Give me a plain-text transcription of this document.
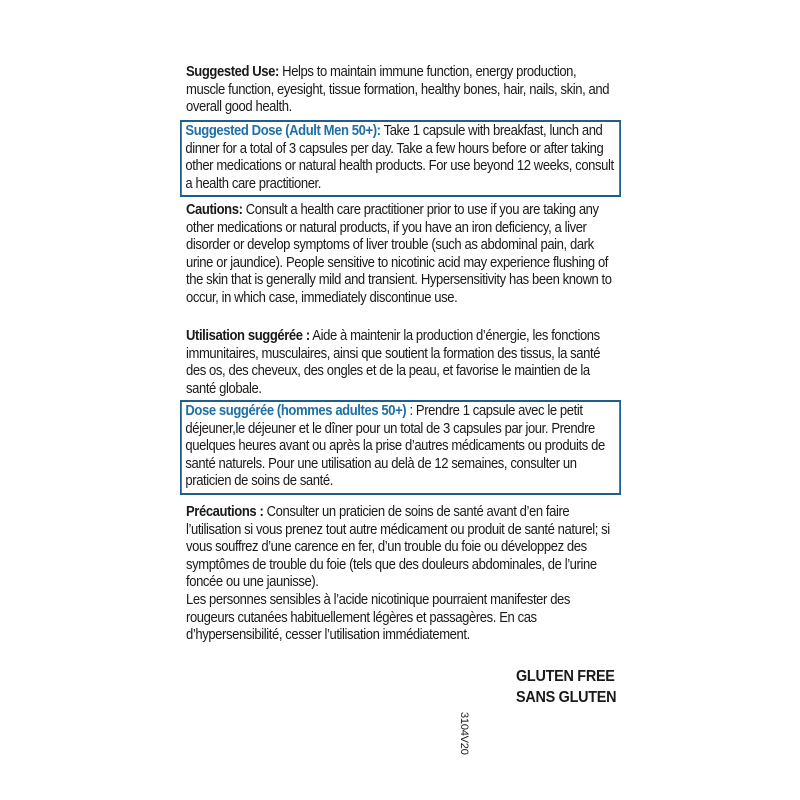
Suggested Use: Helps to maintain immune function, energy production, muscle function, eyesight, tissue formation, healthy bones, hair, nails, skin, and overall good health.
Suggested Dose (Adult Men 50+): Take 1 capsule with breakfast, lunch and dinner for a total of 3 capsules per day. Take a few hours before or after taking other medications or natural health products. For use beyond 12 weeks, consult a health care practitioner.
Cautions: Consult a health care practitioner prior to use if you are taking any other medications or natural products, if you have an iron deficiency, a liver disorder or develop symptoms of liver trouble (such as abdominal pain, dark urine or jaundice). People sensitive to nicotinic acid may experience flushing of the skin that is generally mild and transient. Hypersensitivity has been known to occur, in which case, immediately discontinue use.
Utilisation suggérée : Aide à maintenir la production d’énergie, les fonctions immunitaires, musculaires, ainsi que soutient la formation des tissus, la santé des os, des cheveux, des ongles et de la peau, et favorise le maintien de la santé globale.
Dose suggérée (hommes adultes 50+) : Prendre 1 capsule avec le petit déjeuner,le déjeuner et le dîner pour un total de 3 capsules par jour. Prendre quelques heures avant ou après la prise d’autres médicaments ou produits de santé naturels. Pour une utilisation au delà de 12 semaines, consulter un praticien de soins de santé.
Précautions : Consulter un praticien de soins de santé avant d’en faire l’utilisation si vous prenez tout autre médicament ou produit de santé naturel; si vous souffrez d’une carence en fer, d’un trouble du foie ou développez des symptômes de trouble du foie (tels que des douleurs abdominales, de l’urine foncée ou une jaunisse).
Les personnes sensibles à l’acide nicotinique pourraient manifester des rougeurs cutanées habituellement légères et passagères. En cas d’hypersensibilité, cesser l’utilisation immédiatement.
GLUTEN FREE
SANS GLUTEN
3104V20
